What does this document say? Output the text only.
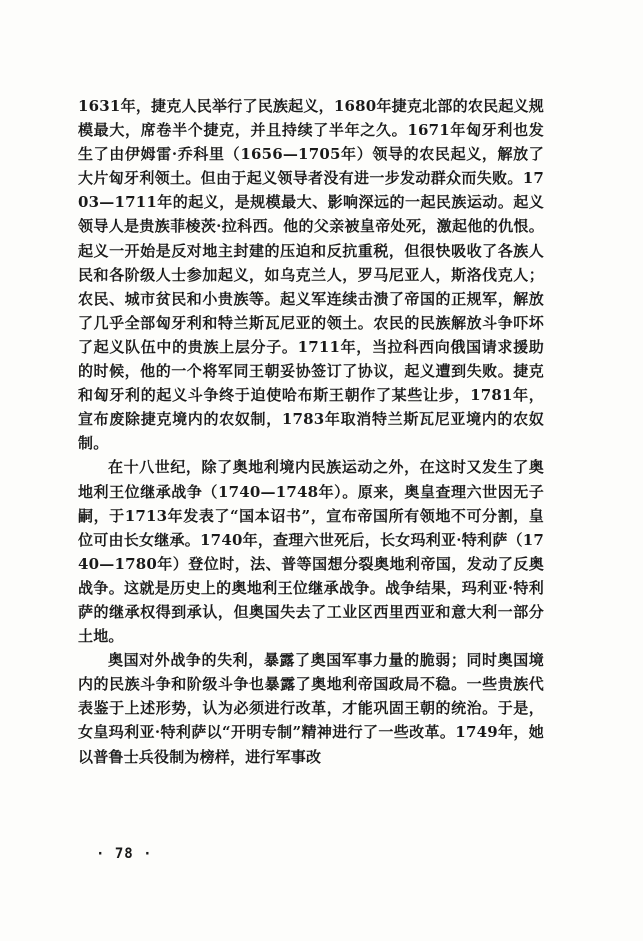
1631年，捷克人民举行了民族起义，1680年捷克北部的农民起义规模最大，席卷半个捷克，并且持续了半年之久。1671年匈牙利也发生了由伊姆雷·乔科里（1656—1705年）领导的农民起义，解放了大片匈牙利领土。但由于起义领导者没有进一步发动群众而失败。1703—1711年的起义，是规模最大、影响深远的一起民族运动。起义领导人是贵族菲棱茨·拉科西。他的父亲被皇帝处死，激起他的仇恨。起义一开始是反对地主封建的压迫和反抗重税，但很快吸收了各族人民和各阶级人士参加起义，如乌克兰人，罗马尼亚人，斯洛伐克人；农民、城市贫民和小贵族等。起义军连续击溃了帝国的正规军，解放了几乎全部匈牙利和特兰斯瓦尼亚的领土。农民的民族解放斗争吓坏了起义队伍中的贵族上层分子。1711年，当拉科西向俄国请求援助的时候，他的一个将军同王朝妥协签订了协议，起义遭到失败。捷克和匈牙利的起义斗争终于迫使哈布斯王朝作了某些让步，1781年，宣布废除捷克境内的农奴制，1783年取消特兰斯瓦尼亚境内的农奴制。

在十八世纪，除了奥地利境内民族运动之外，在这时又发生了奥地利王位继承战争（1740—1748年）。原来，奥皇查理六世因无子嗣，于1713年发表了“国本诏书”，宣布帝国所有领地不可分割，皇位可由长女继承。1740年，查理六世死后，长女玛利亚·特利萨（1740—1780年）登位时，法、普等国想分裂奥地利帝国，发动了反奥战争。这就是历史上的奥地利王位继承战争。战争结果，玛利亚·特利萨的继承权得到承认，但奥国失去了工业区西里西亚和意大利一部分土地。

奥国对外战争的失利，暴露了奥国军事力量的脆弱；同时奥国境内的民族斗争和阶级斗争也暴露了奥地利帝国政局不稳。一些贵族代表鉴于上述形势，认为必须进行改革，才能巩固王朝的统治。于是，女皇玛利亚·特利萨以“开明专制”精神进行了一些改革。1749年，她以普鲁士兵役制为榜样，进行军事改

· 78 ·
